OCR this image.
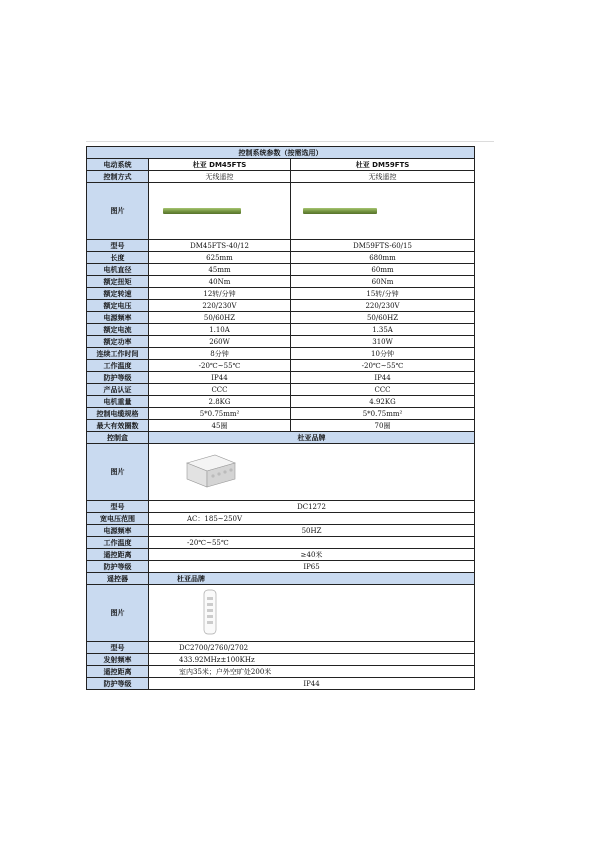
控制系统参数（按需选用）		
电动系统	杜亚 DM45FTS	杜亚 DM59FTS
控制方式	无线遥控	无线遥控
图片	

型号	DM45FTS-40/12	DM59FTS-60/15
长度	625mm	680mm
电机直径	45mm	60mm
额定扭矩	40Nm	60Nm
额定转速	12转/分钟	15转/分钟
额定电压	220/230V	220/230V
电源频率	50/60HZ	50/60HZ
额定电流	1.10A	1.35A
额定功率	260W	310W
连续工作时间	8分钟	10分钟
工作温度	-20℃~55℃	-20℃~55℃
防护等级	IP44	IP44
产品认证	CCC	CCC
电机重量	2.8KG	4.92KG
控制电缆规格	5*0.75mm²	5*0.75mm²
最大有效圈数	45圈	70圈
控制盒	杜亚品牌	
图片	
型号	DC1272	
宽电压范围	AC：185~250V	
电源频率	50HZ	
工作温度	-20℃~55℃	
遥控距离	≥40米	
防护等级	IP65	
遥控器	杜亚品牌	
图片	
型号	DC2700/2760/2702	
发射频率	433.92MHz±100KHz	
遥控距离	室内35米；户外空旷处200米	
防护等级	IP44	
